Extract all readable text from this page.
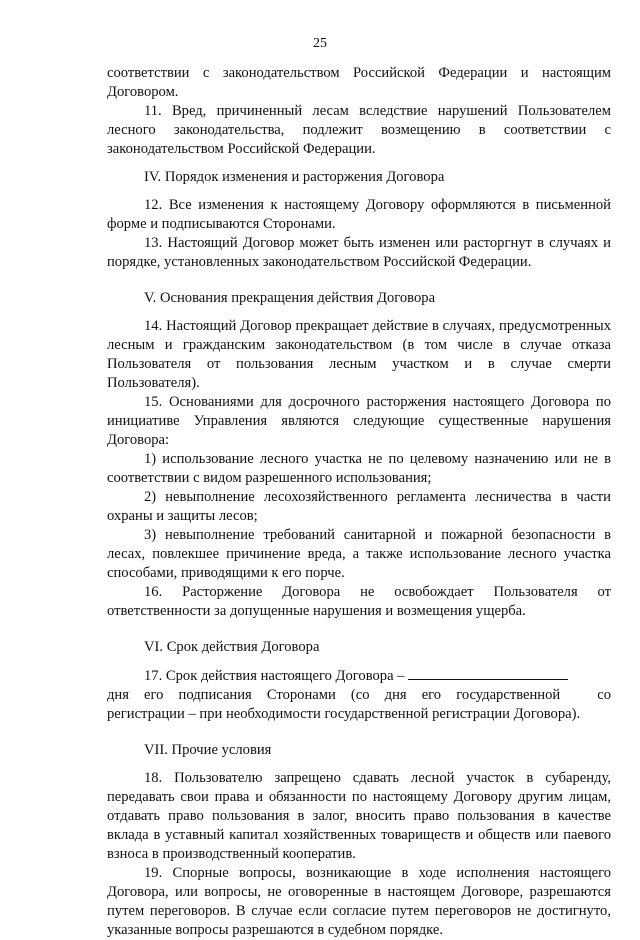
25

соответствии с законодательством Российской Федерации и настоящим Договором.

11. Вред, причиненный лесам вследствие нарушений Пользователем лесного законодательства, подлежит возмещению в соответствии с законодательством Российской Федерации.

IV. Порядок изменения и расторжения Договора

12. Все изменения к настоящему Договору оформляются в письменной форме и подписываются Сторонами.

13. Настоящий Договор может быть изменен или расторгнут в случаях и порядке, установленных законодательством Российской Федерации.

V. Основания прекращения действия Договора

14. Настоящий Договор прекращает действие в случаях, предусмотренных лесным и гражданским законодательством (в том числе в случае отказа Пользователя от пользования лесным участком и в случае смерти Пользователя).

15. Основаниями для досрочного расторжения настоящего Договора по инициативе Управления являются следующие существенные нарушения Договора:

1) использование лесного участка не по целевому назначению или не в соответствии с видом разрешенного использования;

2) невыполнение лесохозяйственного регламента лесничества в части охраны и защиты лесов;

3) невыполнение требований санитарной и пожарной безопасности в лесах, повлекшее причинение вреда, а также использование лесного участка способами, приводящими к его порче.

16. Расторжение Договора не освобождает Пользователя от ответственности за допущенные нарушения и возмещения ущерба.

VI. Срок действия Договора

17. Срок действия настоящего Договора –
со

дня его подписания Сторонами (со дня его государственной регистрации – при необходимости государственной регистрации Договора).

VII. Прочие условия

18. Пользователю запрещено сдавать лесной участок в субаренду, передавать свои права и обязанности по настоящему Договору другим лицам, отдавать право пользования в залог, вносить право пользования в качестве вклада в уставный капитал хозяйственных товариществ и обществ или паевого взноса в производственный кооператив.

19. Спорные вопросы, возникающие в ходе исполнения настоящего Договора, или вопросы, не оговоренные в настоящем Договоре, разрешаются путем переговоров. В случае если согласие путем переговоров не достигнуто, указанные вопросы разрешаются в судебном порядке.
